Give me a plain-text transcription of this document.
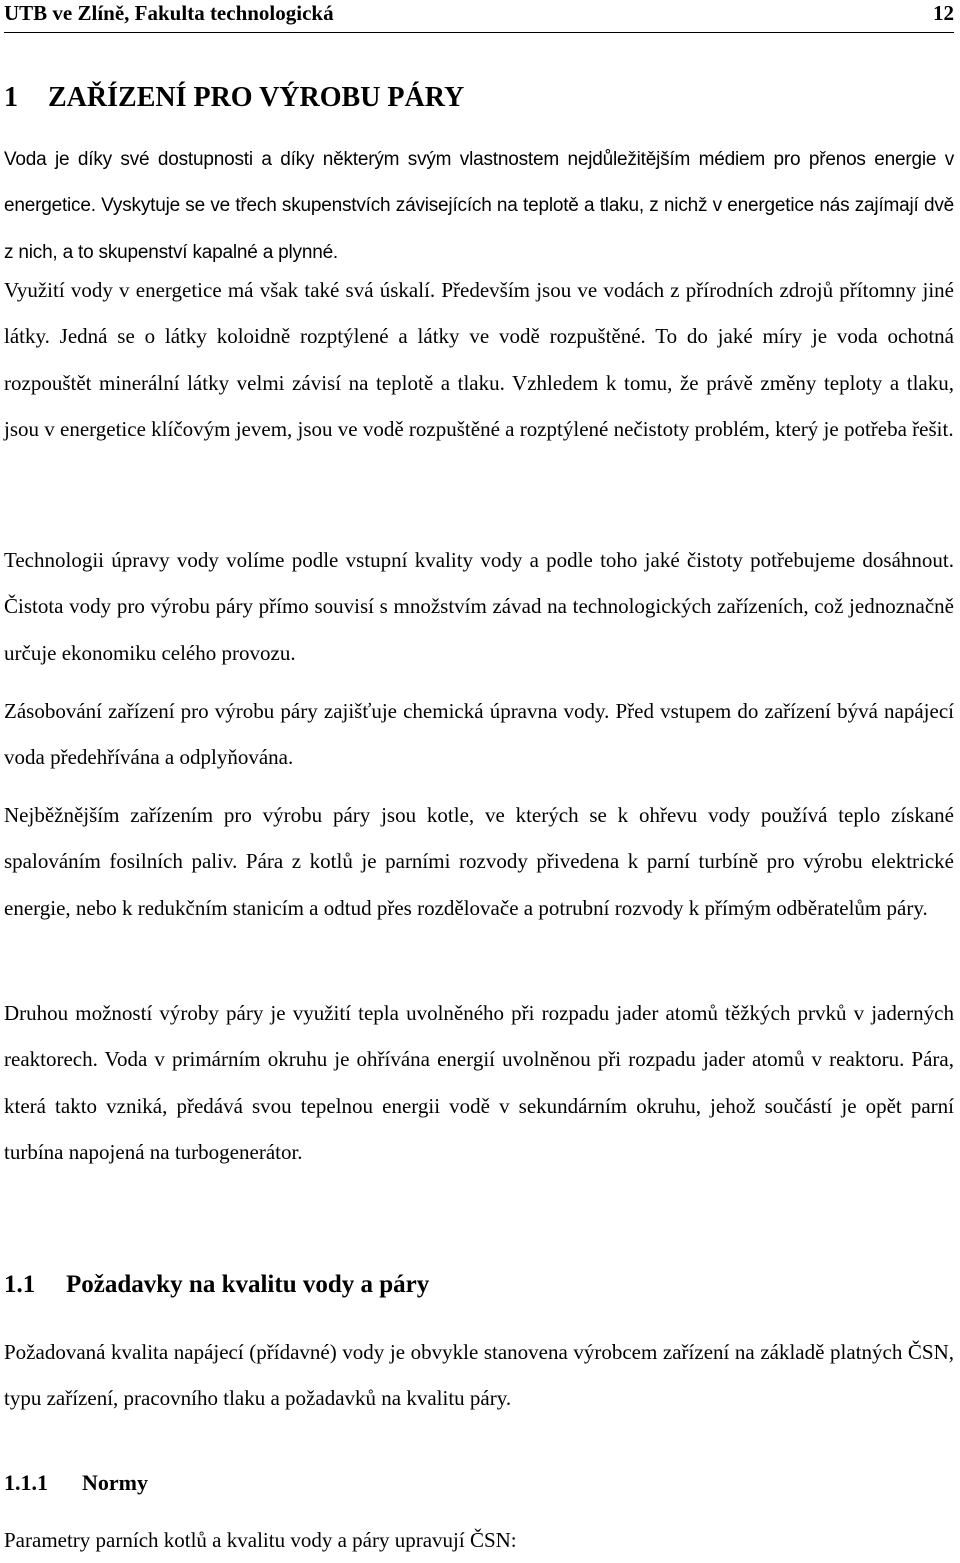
UTB ve Zlíně, Fakulta technologická	12
1 ZAŘÍZENÍ PRO VÝROBU PÁRY

Voda je díky své dostupnosti a díky některým svým vlastnostem nejdůležitějším médiem pro přenos energie v energetice. Vyskytuje se ve třech skupenstvích závisejících na teplotě a tlaku, z nichž v energetice nás zajímají dvě z nich, a to skupenství kapalné a plynné.

Využití vody v energetice má však také svá úskalí. Především jsou ve vodách z přírodních zdrojů přítomny jiné látky. Jedná se o látky koloidně rozptýlené a látky ve vodě rozpuštěné. To do jaké míry je voda ochotná rozpouštět minerální látky velmi závisí na teplotě a tlaku. Vzhledem k tomu, že právě změny teploty a tlaku, jsou v energetice klíčovým jevem, jsou ve vodě rozpuštěné a rozptýlené nečistoty problém, který je potřeba řešit.

Technologii úpravy vody volíme podle vstupní kvality vody a podle toho jaké čistoty potřebujeme dosáhnout. Čistota vody pro výrobu páry přímo souvisí s množstvím závad na technologických zařízeních, což jednoznačně určuje ekonomiku celého provozu.

Zásobování zařízení pro výrobu páry zajišťuje chemická úpravna vody. Před vstupem do zařízení bývá napájecí voda předehřívána a odplyňována.

Nejběžnějším zařízením pro výrobu páry jsou kotle, ve kterých se k ohřevu vody používá teplo získané spalováním fosilních paliv. Pára z kotlů je parními rozvody přivedena k parní turbíně pro výrobu elektrické energie, nebo k redukčním stanicím a odtud přes rozdělovače a potrubní rozvody k přímým odběratelům páry.

Druhou možností výroby páry je využití tepla uvolněného při rozpadu jader atomů těžkých prvků v jaderných reaktorech. Voda v primárním okruhu je ohřívána energií uvolněnou při rozpadu jader atomů v reaktoru. Pára, která takto vzniká, předává svou tepelnou energii vodě v sekundárním okruhu, jehož součástí je opět parní turbína napojená na turbogenerátor.

1.1 Požadavky na kvalitu vody a páry

Požadovaná kvalita napájecí (přídavné) vody je obvykle stanovena výrobcem zařízení na základě platných ČSN, typu zařízení, pracovního tlaku a požadavků na kvalitu páry.

1.1.1 Normy

Parametry parních kotlů a kvalitu vody a páry upravují ČSN:
